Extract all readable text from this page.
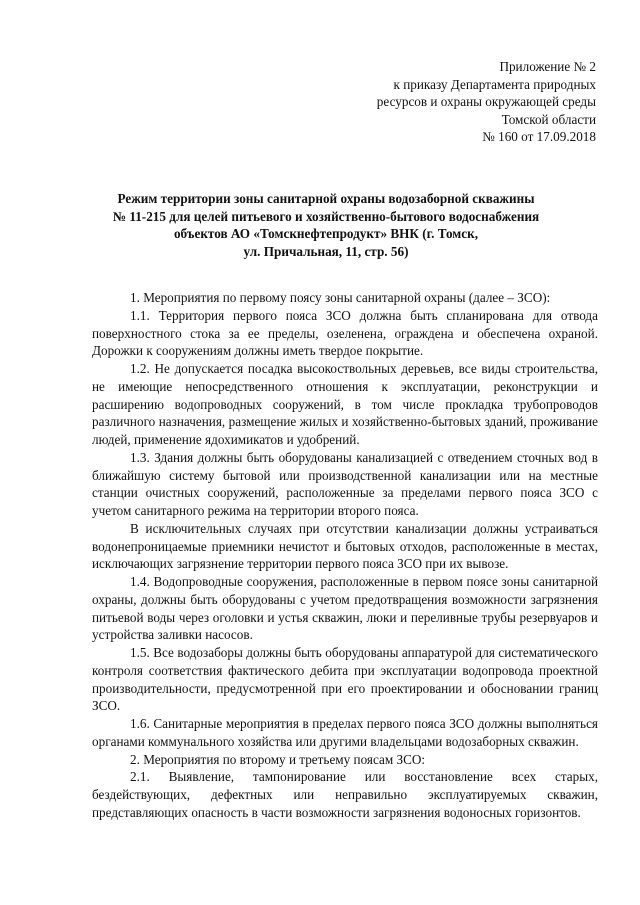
Приложение № 2
к приказу Департамента природных
ресурсов и охраны окружающей среды
Томской области
№ 160 от 17.09.2018
Режим территории зоны санитарной охраны водозаборной скважины
№ 11-215 для целей питьевого и хозяйственно-бытового водоснабжения
объектов АО «Томскнефтепродукт» ВНК (г. Томск,
ул. Причальная, 11, стр. 56)

1. Мероприятия по первому поясу зоны санитарной охраны (далее – ЗСО):

1.1. Территория первого пояса ЗСО должна быть спланирована для отвода поверхностного стока за ее пределы, озеленена, ограждена и обеспечена охраной. Дорожки к сооружениям должны иметь твердое покрытие.

1.2. Не допускается посадка высокоствольных деревьев, все виды строительства, не имеющие непосредственного отношения к эксплуатации, реконструкции и расширению водопроводных сооружений, в том числе прокладка трубопроводов различного назначения, размещение жилых и хозяйственно-бытовых зданий, проживание людей, применение ядохимикатов и удобрений.

1.3. Здания должны быть оборудованы канализацией с отведением сточных вод в ближайшую систему бытовой или производственной канализации или на местные станции очистных сооружений, расположенные за пределами первого пояса ЗСО с учетом санитарного режима на территории второго пояса.

В исключительных случаях при отсутствии канализации должны устраиваться водонепроницаемые приемники нечистот и бытовых отходов, расположенные в местах, исключающих загрязнение территории первого пояса ЗСО при их вывозе.

1.4. Водопроводные сооружения, расположенные в первом поясе зоны санитарной охраны, должны быть оборудованы с учетом предотвращения возможности загрязнения питьевой воды через оголовки и устья скважин, люки и переливные трубы резервуаров и устройства заливки насосов.

1.5. Все водозаборы должны быть оборудованы аппаратурой для систематического контроля соответствия фактического дебита при эксплуатации водопровода проектной производительности, предусмотренной при его проектировании и обосновании границ ЗСО.

1.6. Санитарные мероприятия в пределах первого пояса ЗСО должны выполняться органами коммунального хозяйства или другими владельцами водозаборных скважин.

2. Мероприятия по второму и третьему поясам ЗСО:

2.1. Выявление, тампонирование или восстановление всех старых, бездействующих, дефектных или неправильно эксплуатируемых скважин, представляющих опасность в части возможности загрязнения водоносных горизонтов.
